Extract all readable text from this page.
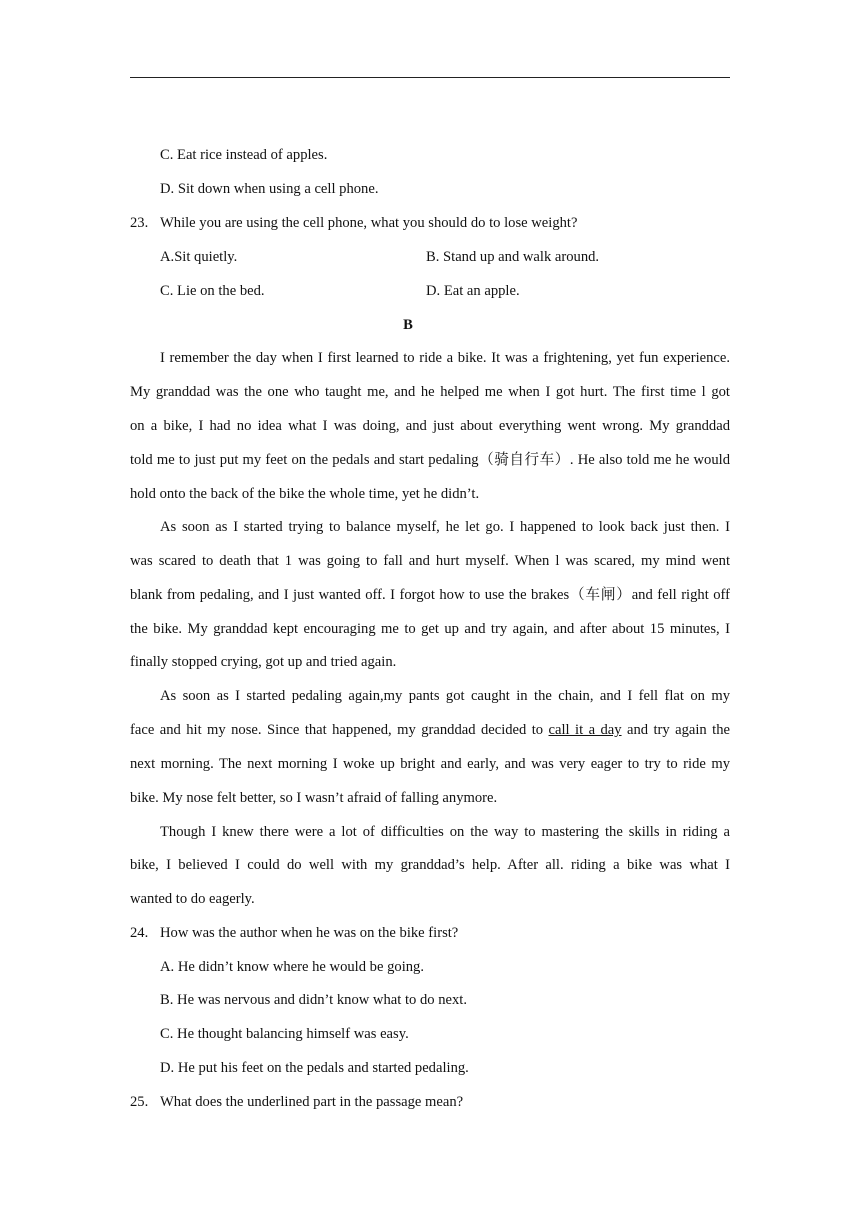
C. Eat rice instead of apples.
D. Sit down when using a cell phone.
23. While you are using the cell phone, what you should do to lose weight?
A.Sit quietly.	B. Stand up and walk around.
C. Lie on the bed.	D. Eat an apple.
B
I remember the day when I first learned to ride a bike. It was a frightening, yet fun experience.
My granddad was the one who taught me, and he helped me when I got hurt. The first time l got
on a bike, I had no idea what I was doing, and just about everything went wrong. My granddad
told me to just put my feet on the pedals and start pedaling（骑自行车）. He also told me he would
hold onto the back of the bike the whole time, yet he didn’t.
As soon as I started trying to balance myself, he let go. I happened to look back just then. I
was scared to death that 1 was going to fall and hurt myself. When l was scared, my mind went
blank from pedaling, and I just wanted off. I forgot how to use the brakes（车闸）and fell right off
the bike. My granddad kept encouraging me to get up and try again, and after about 15 minutes, I
finally stopped crying, got up and tried again.
As soon as I started pedaling again,my pants got caught in the chain, and I fell flat on my
face and hit my nose. Since that happened, my granddad decided to call it a day and try again the
next morning. The next morning I woke up bright and early, and was very eager to try to ride my
bike. My nose felt better, so I wasn’t afraid of falling anymore.
Though I knew there were a lot of difficulties on the way to mastering the skills in riding a
bike, I believed I could do well with my granddad’s help. After all. riding a bike was what I
wanted to do eagerly.
24. How was the author when he was on the bike first?
A. He didn’t know where he would be going.
B. He was nervous and didn’t know what to do next.
C. He thought balancing himself was easy.
D. He put his feet on the pedals and started pedaling.
25. What does the underlined part in the passage mean?
